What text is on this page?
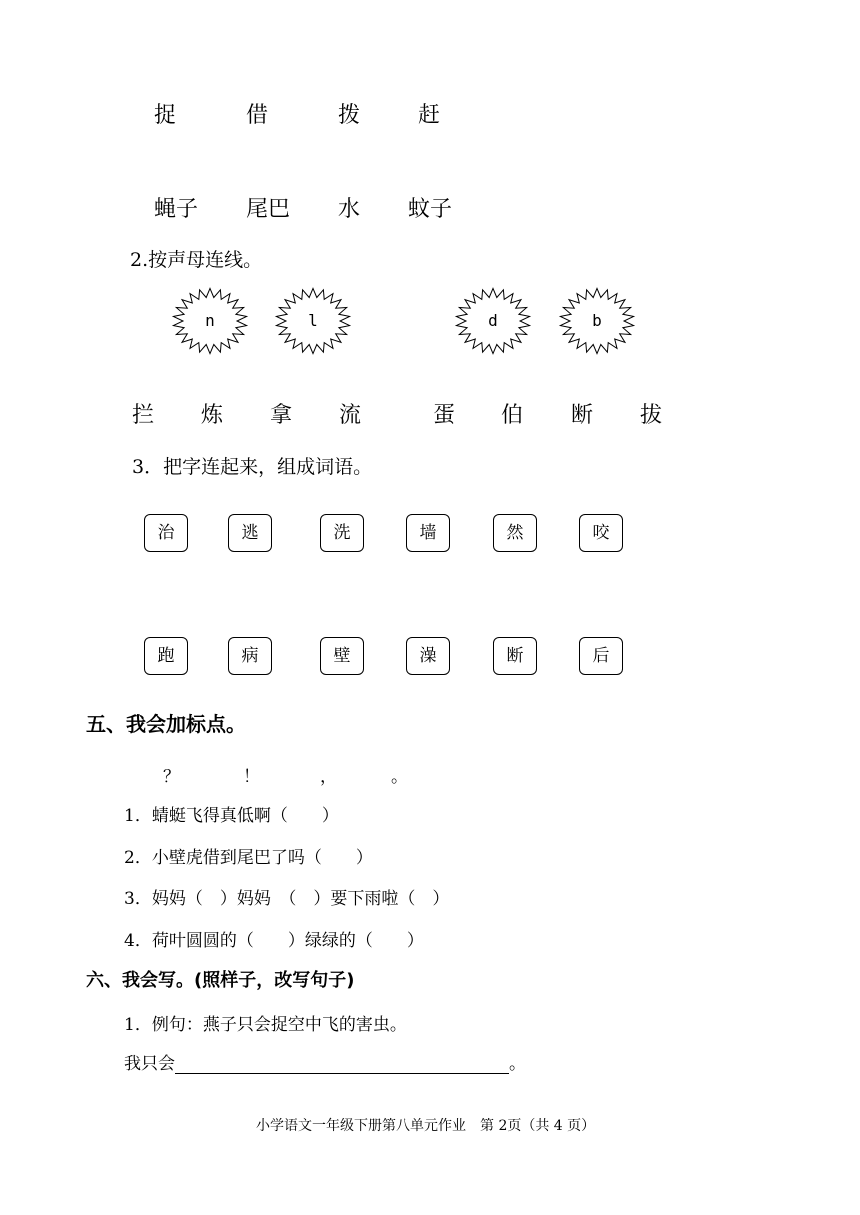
捉	借	拨	赶
蝇子 尾巴 水 蚊子
2.按声母连线。
n	l	d	b
拦 炼 拿 流	蛋 伯 断 拔
3．把字连起来，组成词语。
治	逃	洗	墙	然	咬
跑	病	壁	澡	断	后
五、我会加标点。
？	！	，	。
1．蜻蜓飞得真低啊（　　）
2．小壁虎借到尾巴了吗（　　）
3．妈妈（　）妈妈　（　）要下雨啦（　）
4．荷叶圆圆的（　　）绿绿的（　　）
六、我会写。(照样子，改写句子)
1．例句：燕子只会捉空中飞的害虫。
我只会	。
小学语文一年级下册第八单元作业　第 2页（共 4 页）
